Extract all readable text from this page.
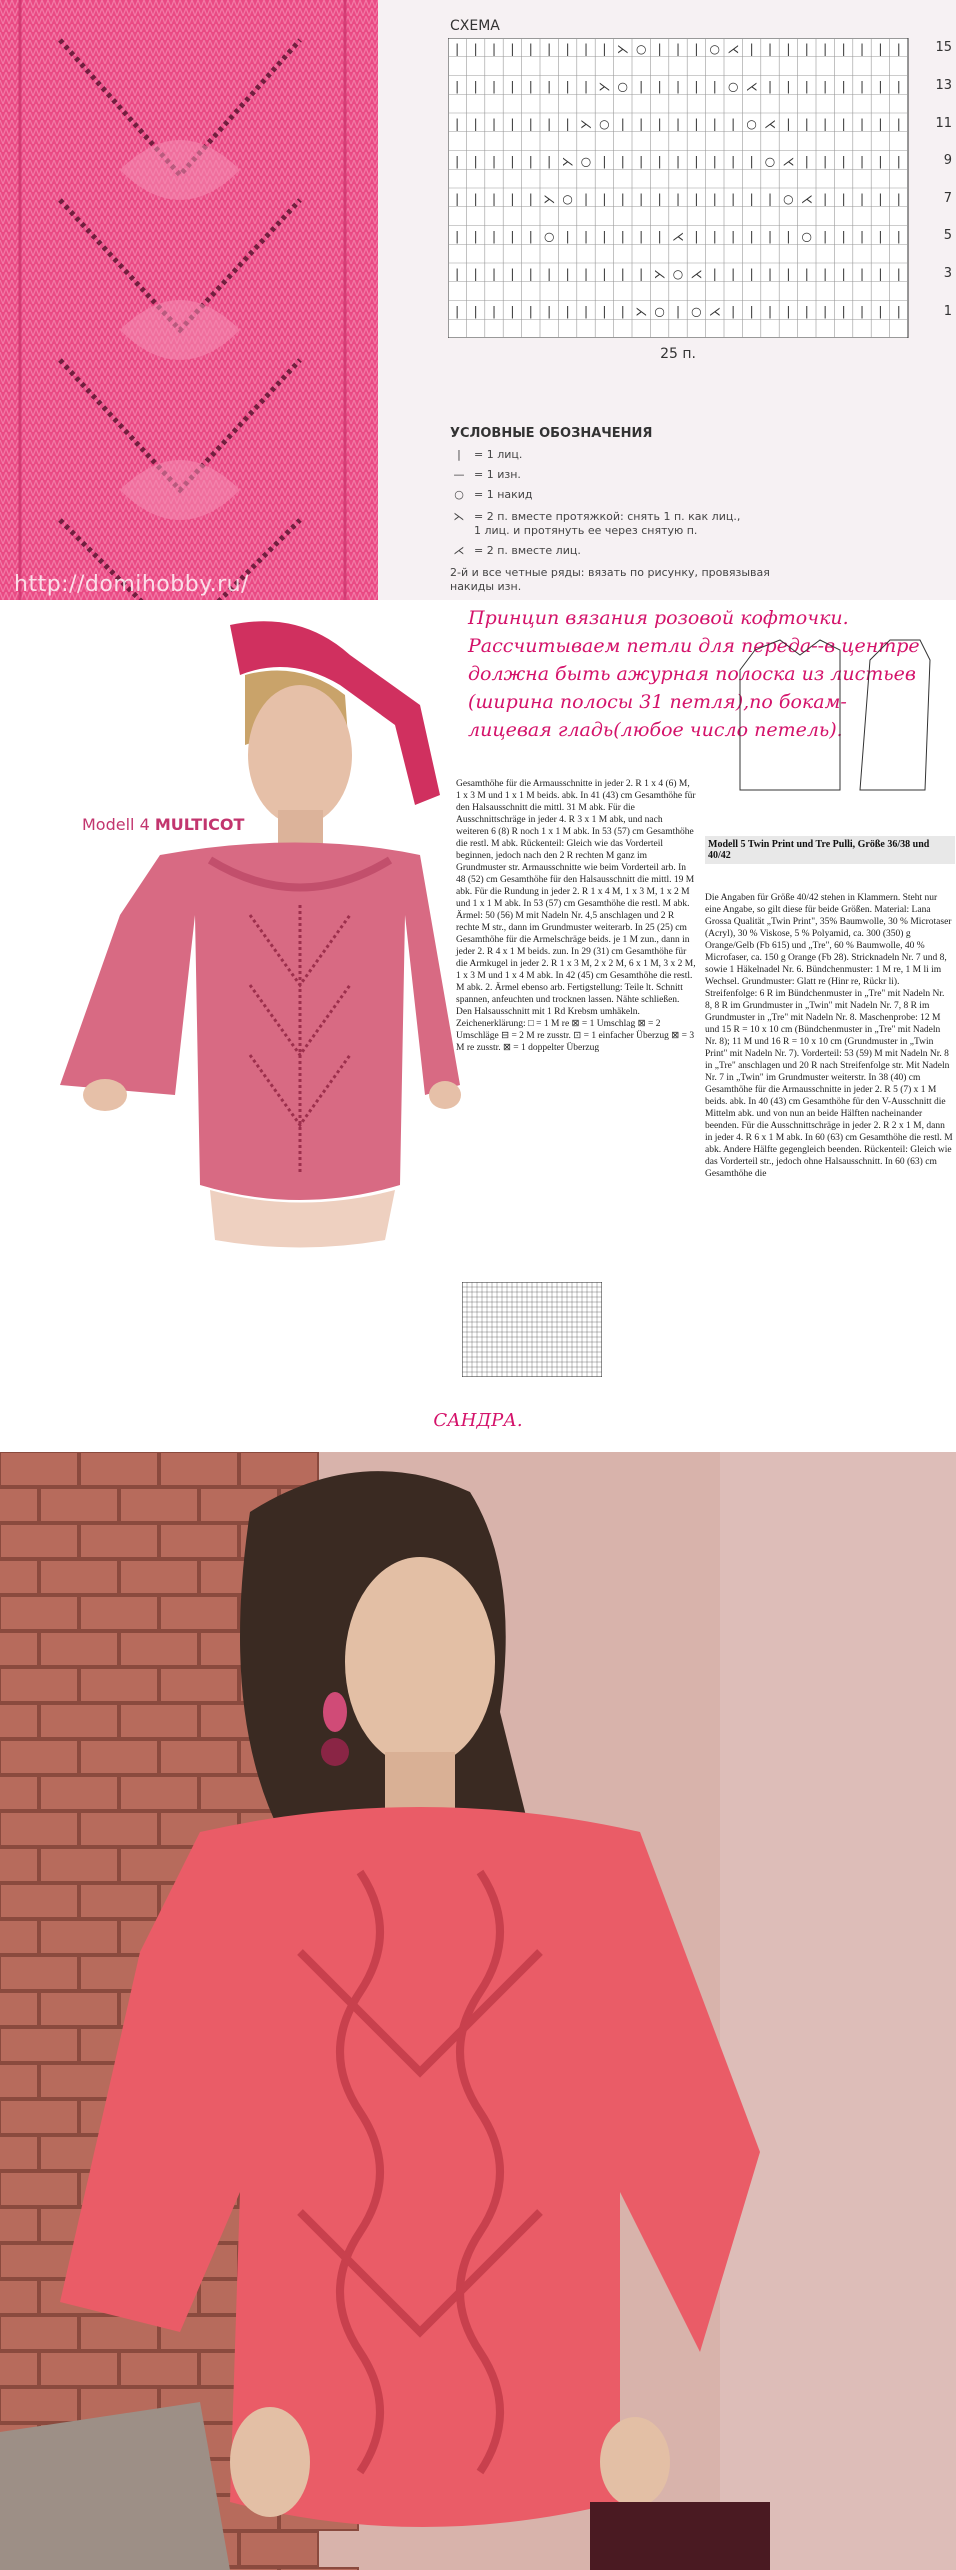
http://domihobby.ru/
СХЕМА
| | | | | | | | | ⋋ ○ | | | ○ ⋌ | | | | | | | | |
| | | | | | | | ⋋ ○ | | | | | ○ ⋌ | | | | | | | |
| | | | | | | ⋋ ○ | | | | | | | ○ ⋌ | | | | | | |
| | | | | | ⋋ ○ | | | | | | | | | ○ ⋌ | | | | | |
| | | | | ⋋ ○ | | | | | | | | | | | ○ ⋌ | | | | |
| | | | | ○ | | | | | | ⋌ | | | | | | ○ | | | | |
| | | | | | | | | | | ⋋ ○ ⋌ | | | | | | | | | | |
| | | | | | | | | | ⋋ ○ | ○ ⋌ | | | | | | | | | |
15
13
11
9
7
5
3
1
25 п.
УСЛОВНЫЕ ОБОЗНАЧЕНИЯ
| = 1 лиц.
— = 1 изн.
○ = 1 накид
⋋ = 2 п. вместе протяжкой: снять 1 п. как лиц.,
1 лиц. и протянуть ее через снятую п.
⋌ = 2 п. вместе лиц.
2-й и все четные ряды: вязать по рисунку, провязывая накиды изн.
Modell 4 MULTICOT
Принцип вязания розовой кофточки. Рассчитываем петли для переда--в центре должна быть ажурная полоска из листьев (ширина полосы 31 петля),по бокам-лицевая гладь(любое число петель).
Gesamthöhe für die Armausschnitte in jeder 2. R 1 x 4 (6) M, 1 x 3 M und 1 x 1 M beids. abk. In 41 (43) cm Gesamthöhe für den Halsausschnitt die mittl. 31 M abk. Für die Ausschnittschräge in jeder 4. R 3 x 1 M abk, und nach weiteren 6 (8) R noch 1 x 1 M abk. In 53 (57) cm Gesamthöhe die restl. M abk. Rückenteil: Gleich wie das Vorderteil beginnen, jedoch nach den 2 R rechten M ganz im Grundmuster str. Armausschnitte wie beim Vorderteil arb. In 48 (52) cm Gesamthöhe für den Halsausschnitt die mittl. 19 M abk. Für die Rundung in jeder 2. R 1 x 4 M, 1 x 3 M, 1 x 2 M und 1 x 1 M abk. In 53 (57) cm Gesamthöhe die restl. M abk. Ärmel: 50 (56) M mit Nadeln Nr. 4,5 anschlagen und 2 R rechte M str., dann im Grundmuster weiterarb. In 25 (25) cm Gesamthöhe für die Armelschräge beids. je 1 M zun., dann in jeder 2. R 4 x 1 M beids. zun. In 29 (31) cm Gesamthöhe für die Armkugel in jeder 2. R 1 x 3 M, 2 x 2 M, 6 x 1 M, 3 x 2 M, 1 x 3 M und 1 x 4 M abk. In 42 (45) cm Gesamthöhe die restl. M abk. 2. Ärmel ebenso arb. Fertigstellung: Teile lt. Schnitt spannen, anfeuchten und trocknen lassen. Nähte schließen. Den Halsausschnitt mit 1 Rd Krebsm umhäkeln. Zeichenerklärung: □ = 1 M re ⊠ = 1 Umschlag ⊠ = 2 Umschläge ⊟ = 2 M re zusstr. ⊡ = 1 einfacher Überzug ⊠ = 3 M re zusstr. ⊠ = 1 doppelter Überzug
Modell 5 Twin Print und Tre Pulli, Größe 36/38 und 40/42
Die Angaben für Größe 40/42 stehen in Klammern. Steht nur eine Angabe, so gilt diese für beide Größen. Material: Lana Grossa Qualität „Twin Print", 35% Baumwolle, 30 % Microtaser (Acryl), 30 % Viskose, 5 % Polyamid, ca. 300 (350) g Orange/Gelb (Fb 615) und „Tre", 60 % Baumwolle, 40 % Microfaser, ca. 150 g Orange (Fb 28). Stricknadeln Nr. 7 und 8, sowie 1 Häkelnadel Nr. 6. Bündchenmuster: 1 M re, 1 M li im Wechsel. Grundmuster: Glatt re (Hinr re, Rückr li). Streifenfolge: 6 R im Bündchenmuster in „Tre" mit Nadeln Nr. 8, 8 R im Grundmuster in „Twin" mit Nadeln Nr. 7, 8 R im Grundmuster in „Tre" mit Nadeln Nr. 8. Maschenprobe: 12 M und 15 R = 10 x 10 cm (Bündchenmuster in „Tre" mit Nadeln Nr. 8); 11 M und 16 R = 10 x 10 cm (Grundmuster in „Twin Print" mit Nadeln Nr. 7). Vorderteil: 53 (59) M mit Nadeln Nr. 8 in „Tre" anschlagen und 20 R nach Streifenfolge str. Mit Nadeln Nr. 7 in „Twin" im Grundmuster weiterstr. In 38 (40) cm Gesamthöhe für die Armausschnitte in jeder 2. R 5 (7) x 1 M beids. abk. In 40 (43) cm Gesamthöhe für den V-Ausschnitt die Mittelm abk. und von nun an beide Hälften nacheinander beenden. Für die Ausschnittschräge in jeder 2. R 2 x 1 M, dann in jeder 4. R 6 x 1 M abk. In 60 (63) cm Gesamthöhe die restl. M abk. Andere Hälfte gegengleich beenden. Rückenteil: Gleich wie das Vorderteil str., jedoch ohne Halsausschnitt. In 60 (63) cm Gesamthöhe die
САНДРА.
